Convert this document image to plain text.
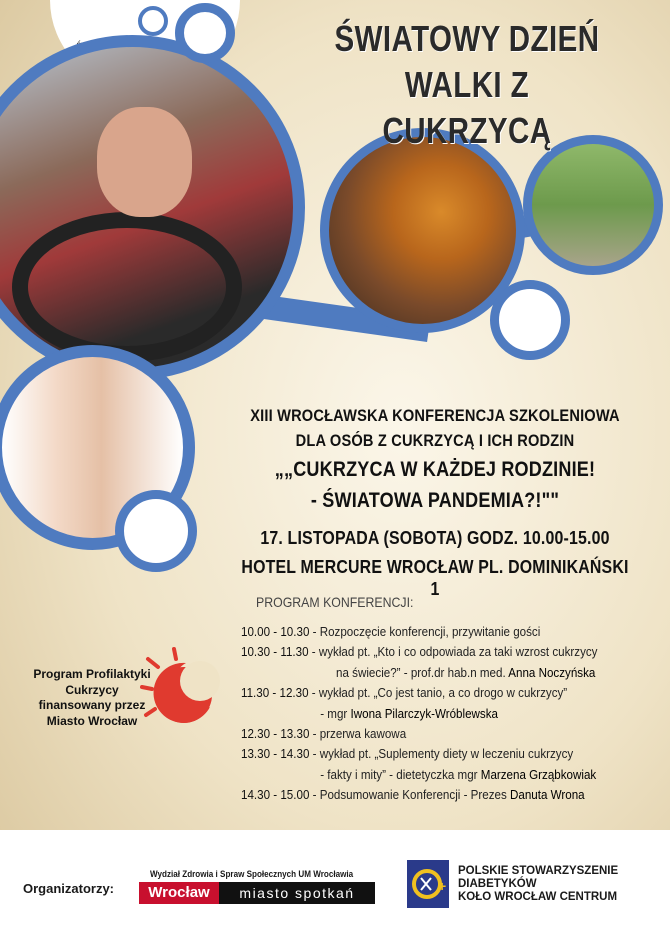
ŚWIATOWY DZIEŃ
WALKI Z CUKRZYCĄ
XIII WROCŁAWSKA KONFERENCJA SZKOLENIOWA
DLA OSÓB Z CUKRZYCĄ I ICH RODZIN
„„CUKRZYCA W KAŻDEJ RODZINIE!
- ŚWIATOWA PANDEMIA?!""
17. LISTOPADA (SOBOTA) GODZ. 10.00-15.00
HOTEL MERCURE WROCŁAW PL. DOMINIKAŃSKI 1
PROGRAM KONFERENCJI:
10.00 - 10.30 - Rozpoczęcie konferencji, przywitanie gości
10.30 - 11.30 - wykład pt. „Kto i co odpowiada za taki wzrost cukrzycy
na świecie?” - prof.dr hab.n med. Anna Noczyńska
11.30 - 12.30 - wykład pt. „Co jest tanio, a co drogo w cukrzycy”
- mgr Iwona Pilarczyk-Wróblewska
12.30 - 13.30 - przerwa kawowa
13.30 - 14.30 - wykład pt. „Suplementy diety w leczeniu cukrzycy
- fakty i mity” - dietetyczka mgr Marzena Grząbkowiak
14.30 - 15.00 - Podsumowanie Konferencji - Prezes Danuta Wrona
Program Profilaktyki
Cukrzycy
finansowany przez
Miasto Wrocław
Organizatorzy:
Wydział Zdrowia i Spraw Społecznych UM Wrocławia
Wrocław	miasto spotkań	+
POLSKIE STOWARZYSZENIE
DIABETYKÓW
KOŁO WROCŁAW CENTRUM
